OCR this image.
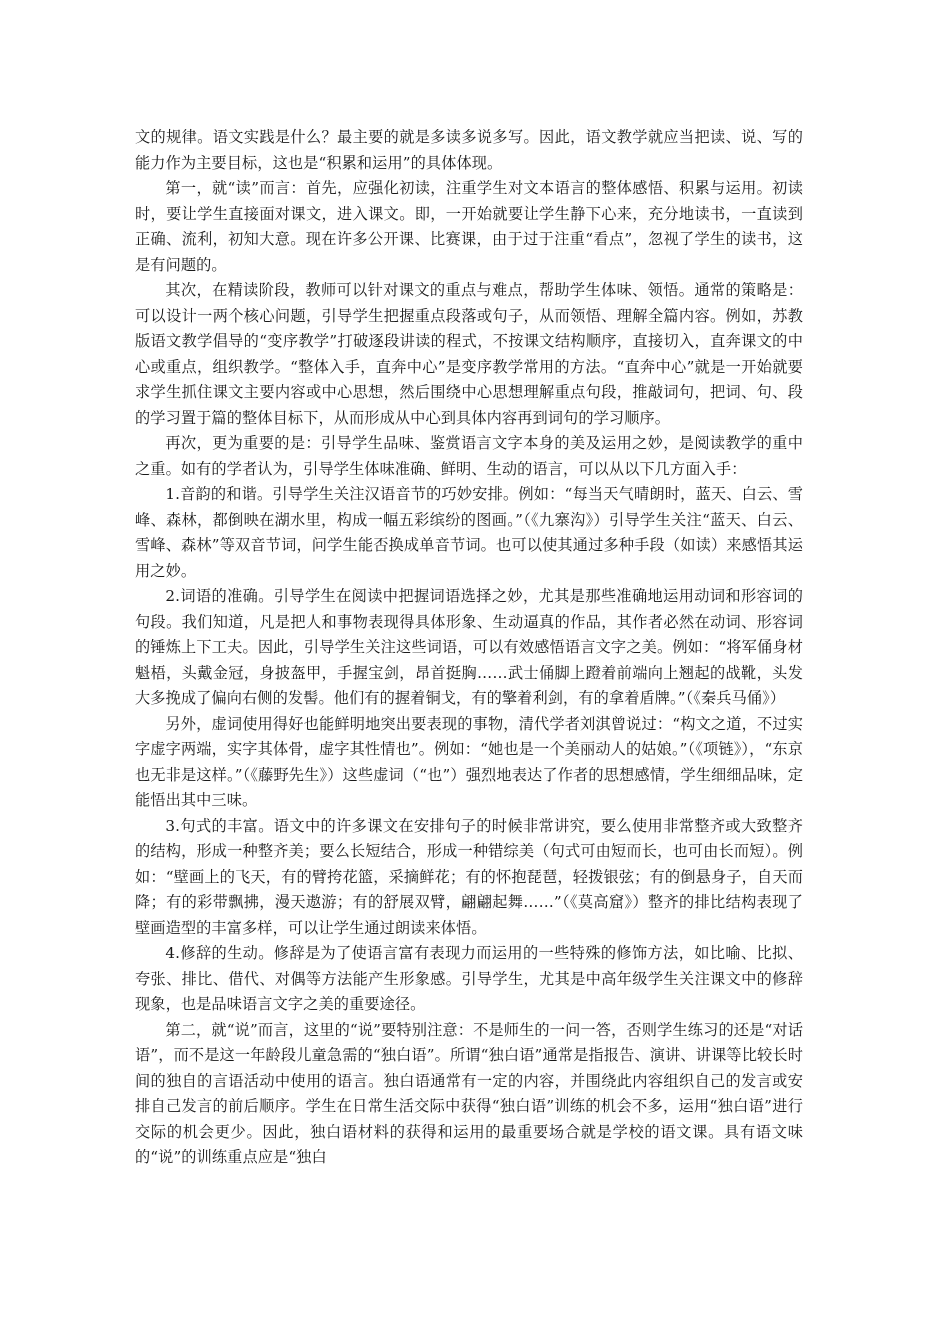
文的规律。语文实践是什么？最主要的就是多读多说多写。因此，语文教学就应当把读、说、写的能力作为主要目标，这也是“积累和运用”的具体体现。

第一，就“读”而言：首先，应强化初读，注重学生对文本语言的整体感悟、积累与运用。初读时，要让学生直接面对课文，进入课文。即，一开始就要让学生静下心来，充分地读书，一直读到正确、流利，初知大意。现在许多公开课、比赛课，由于过于注重“看点”，忽视了学生的读书，这是有问题的。

其次，在精读阶段，教师可以针对课文的重点与难点，帮助学生体味、领悟。通常的策略是：可以设计一两个核心问题，引导学生把握重点段落或句子，从而领悟、理解全篇内容。例如，苏教版语文教学倡导的“变序教学”打破逐段讲读的程式，不按课文结构顺序，直接切入，直奔课文的中心或重点，组织教学。“整体入手，直奔中心”是变序教学常用的方法。“直奔中心”就是一开始就要求学生抓住课文主要内容或中心思想，然后围绕中心思想理解重点句段，推敲词句，把词、句、段的学习置于篇的整体目标下，从而形成从中心到具体内容再到词句的学习顺序。

再次，更为重要的是：引导学生品味、鉴赏语言文字本身的美及运用之妙，是阅读教学的重中之重。如有的学者认为，引导学生体味准确、鲜明、生动的语言，可以从以下几方面入手：

1.音韵的和谐。引导学生关注汉语音节的巧妙安排。例如：“每当天气晴朗时，蓝天、白云、雪峰、森林，都倒映在湖水里，构成一幅五彩缤纷的图画。”（《九寨沟》）引导学生关注“蓝天、白云、雪峰、森林”等双音节词，问学生能否换成单音节词。也可以使其通过多种手段（如读）来感悟其运用之妙。

2.词语的准确。引导学生在阅读中把握词语选择之妙，尤其是那些准确地运用动词和形容词的句段。我们知道，凡是把人和事物表现得具体形象、生动逼真的作品，其作者必然在动词、形容词的锤炼上下工夫。因此，引导学生关注这些词语，可以有效感悟语言文字之美。例如：“将军俑身材魁梧，头戴金冠，身披盔甲，手握宝剑，昂首挺胸……武士俑脚上蹬着前端向上翘起的战靴，头发大多挽成了偏向右侧的发髻。他们有的握着铜戈，有的擎着利剑，有的拿着盾牌。”（《秦兵马俑》）

另外，虚词使用得好也能鲜明地突出要表现的事物，清代学者刘淇曾说过：“构文之道，不过实字虚字两端，实字其体骨，虚字其性情也”。例如：“她也是一个美丽动人的姑娘。”（《项链》），“东京也无非是这样。”（《藤野先生》）这些虚词（“也”）强烈地表达了作者的思想感情，学生细细品味，定能悟出其中三味。

3.句式的丰富。语文中的许多课文在安排句子的时候非常讲究，要么使用非常整齐或大致整齐的结构，形成一种整齐美；要么长短结合，形成一种错综美（句式可由短而长，也可由长而短）。例如：“壁画上的飞天，有的臂挎花篮，采摘鲜花；有的怀抱琵琶，轻拨银弦；有的倒悬身子，自天而降；有的彩带飘拂，漫天遨游；有的舒展双臂，翩翩起舞……”（《莫高窟》）整齐的排比结构表现了壁画造型的丰富多样，可以让学生通过朗读来体悟。

4.修辞的生动。修辞是为了使语言富有表现力而运用的一些特殊的修饰方法，如比喻、比拟、夸张、排比、借代、对偶等方法能产生形象感。引导学生，尤其是中高年级学生关注课文中的修辞现象，也是品味语言文字之美的重要途径。

第二，就“说”而言，这里的“说”要特别注意：不是师生的一问一答，否则学生练习的还是“对话语”，而不是这一年龄段儿童急需的“独白语”。所谓“独白语”通常是指报告、演讲、讲课等比较长时间的独自的言语活动中使用的语言。独白语通常有一定的内容，并围绕此内容组织自己的发言或安排自己发言的前后顺序。学生在日常生活交际中获得“独白语”训练的机会不多，运用“独白语”进行交际的机会更少。因此，独白语材料的获得和运用的最重要场合就是学校的语文课。具有语文味的“说”的训练重点应是“独白
